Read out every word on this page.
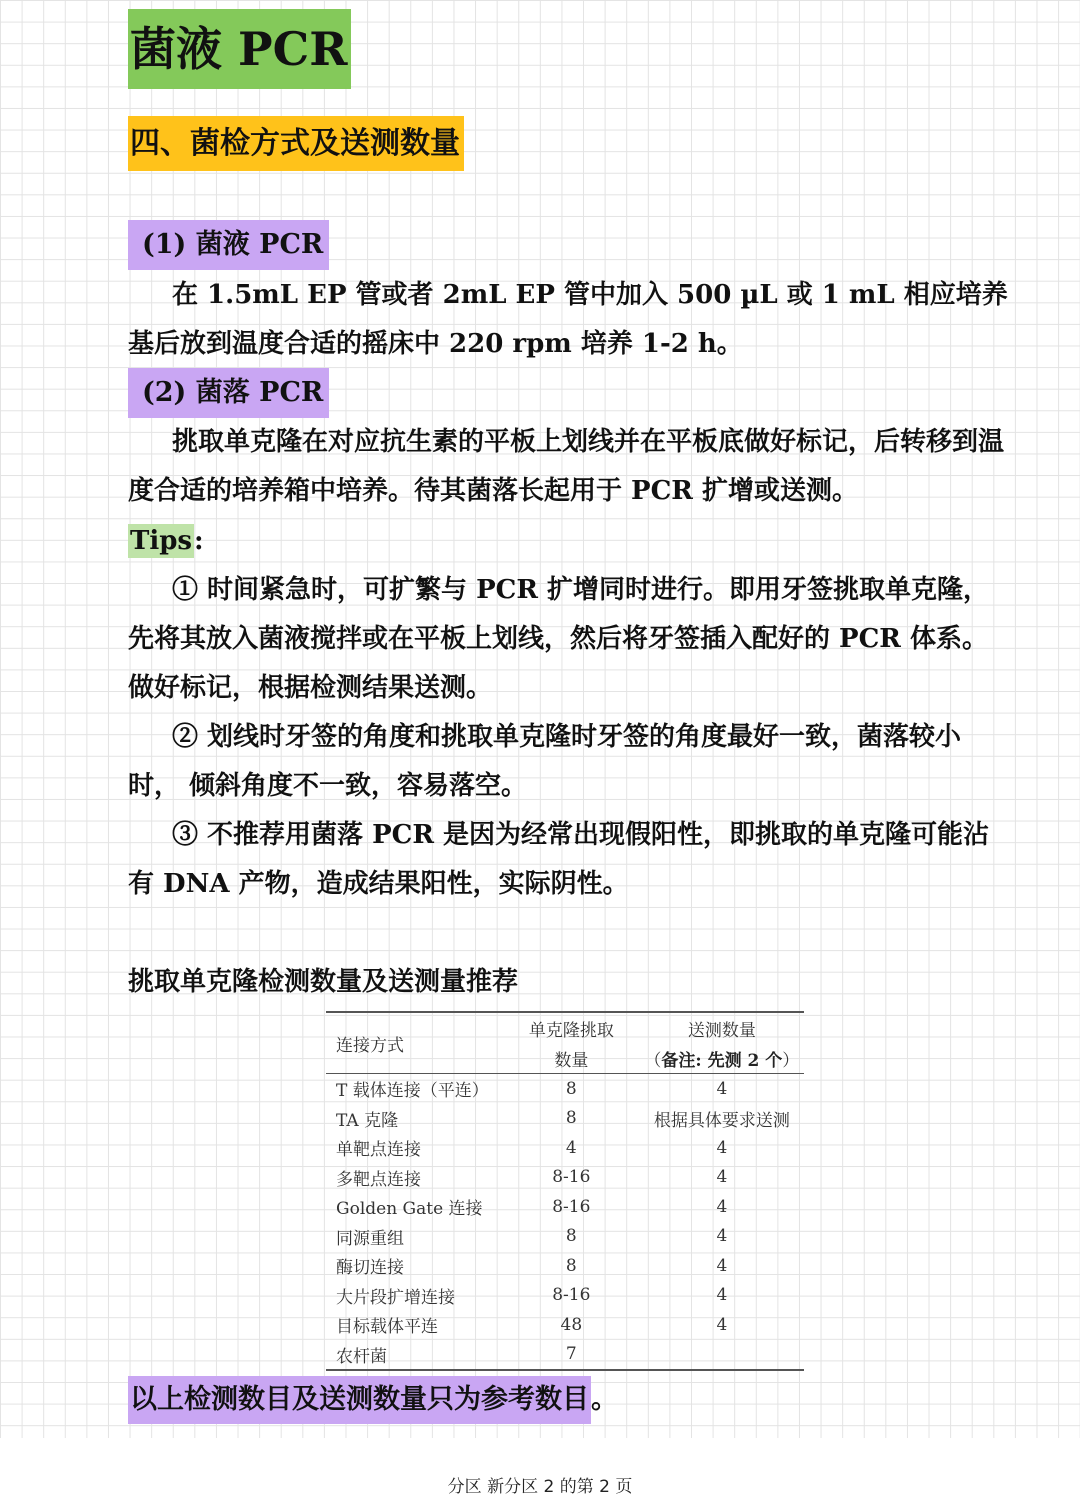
菌液 PCR
四、菌检方式及送测数量
(1) 菌液 PCR

在 1.5mL EP 管或者 2mL EP 管中加入 500 µL 或 1 mL 相应培养基后放到温度合适的摇床中 220 rpm 培养 1-2 h。

(2) 菌落 PCR

挑取单克隆在对应抗生素的平板上划线并在平板底做好标记，后转移到温度合适的培养箱中培养。待其菌落长起用于 PCR 扩增或送测。

Tips:

① 时间紧急时，可扩繁与 PCR 扩增同时进行。即用牙签挑取单克隆，先将其放入菌液搅拌或在平板上划线，然后将牙签插入配好的 PCR 体系。做好标记，根据检测结果送测。

② 划线时牙签的角度和挑取单克隆时牙签的角度最好一致，菌落较小时， 倾斜角度不一致，容易落空。

③ 不推荐用菌落 PCR 是因为经常出现假阳性，即挑取的单克隆可能沾有 DNA 产物，造成结果阳性，实际阴性。

挑取单克隆检测数量及送测量推荐
连接方式	单克隆挑取	送测数量
	数量	（备注: 先测 2 个）
T 载体连接（平连）	8	4
TA 克隆	8	根据具体要求送测
单靶点连接	4	4
多靶点连接	8-16	4
Golden Gate 连接	8-16	4
同源重组	8	4
酶切连接	8	4
大片段扩增连接	8-16	4
目标载体平连	48	4
农杆菌	7	
以上检测数目及送测数量只为参考数目。
分区 新分区 2 的第 2 页
